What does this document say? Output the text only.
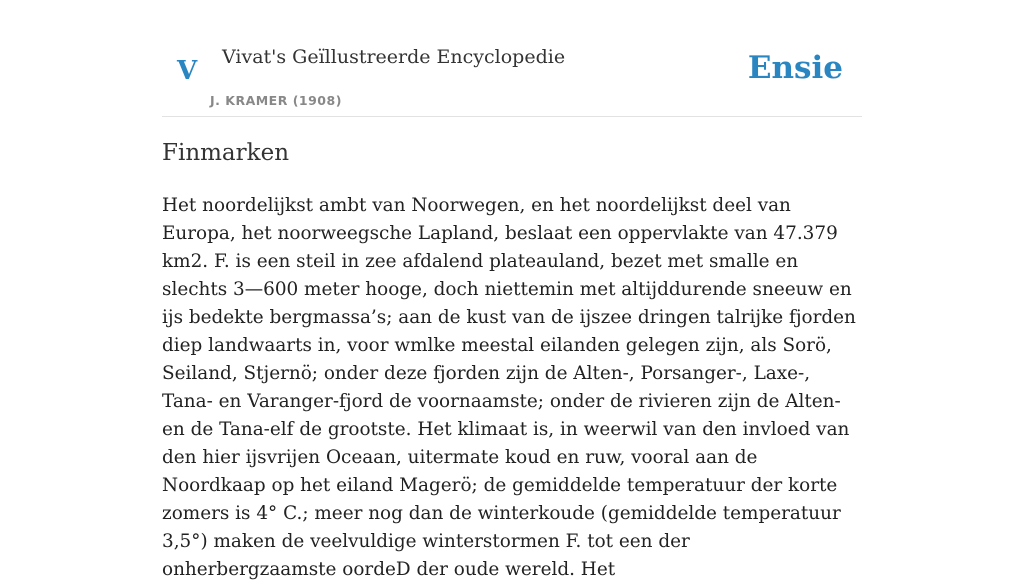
V Vivat's Geïllustreerde Encyclopedie
J. KRAMER (1908)
Ensie
Finmarken

Het noordelijkst ambt van Noorwegen, en het noordelijkst deel van Europa, het noorweegsche Lapland, beslaat een oppervlakte van 47.379 km2. F. is een steil in zee afdalend plateauland, bezet met smalle en slechts 3—600 meter hooge, doch niettemin met altijddurende sneeuw en ijs bedekte bergmassa’s; aan de kust van de ijszee dringen talrijke fjorden diep landwaarts in, voor wmlke meestal eilanden gelegen zijn, als Sorö, Seiland, Stjernö; onder deze fjorden zijn de Alten-, Porsanger-, Laxe-, Tana- en Varanger-fjord de voornaamste; onder de rivieren zijn de Alten- en de Tana-elf de grootste. Het klimaat is, in weerwil van den invloed van den hier ijsvrijen Oceaan, uitermate koud en ruw, vooral aan de Noordkaap op het eiland Magerö; de gemiddelde temperatuur der korte zomers is 4° C.; meer nog dan de winterkoude (gemiddelde temperatuur 3,5°) maken de veelvuldige winterstormen F. tot een der onherbergzaamste oordeD der oude wereld. Het
